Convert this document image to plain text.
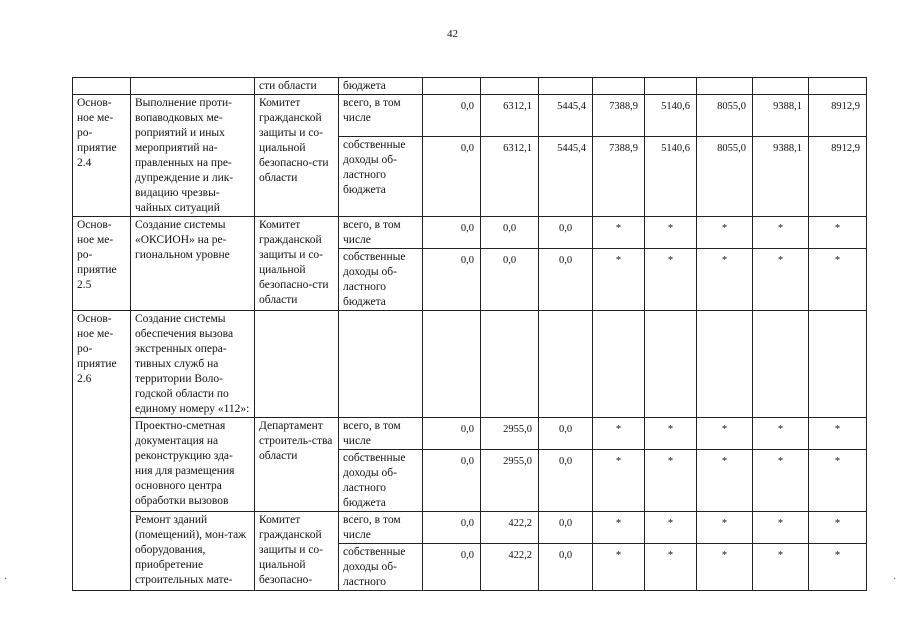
42
		сти области	бюджета								
Основ-ное ме-ро-приятие 2.4	Выполнение проти-вопаводковых ме-роприятий и иных мероприятий на-правленных на пре-дупреждение и лик-видацию чрезвы-чайных ситуаций	Комитет гражданской защиты и со-циальной безопасно-сти области	всего, в том числе	0,0	6312,1	5445,4	7388,9	5140,6	8055,0	9388,1	8912,9
			собственные доходы об-ластного бюджета	0,0	6312,1	5445,4	7388,9	5140,6	8055,0	9388,1	8912,9
Основ-ное ме-ро-приятие 2.5	Создание системы «ОКСИОН» на ре-гиональном уровне	Комитет гражданской защиты и со-циальной безопасно-сти области	всего, в том числе	0,0	0,0	0,0	*	*	*	*	*
			собственные доходы об-ластного бюджета	0,0	0,0	0,0	*	*	*	*	*
Основ-ное ме-ро-приятие 2.6	Создание системы обеспечения вызова экстренных опера-тивных служб на территории Воло-годской области по единому номеру «112»:										
	Проектно-сметная документация на реконструкцию зда-ния для размещения основного центра обработки вызовов	Департамент строитель-ства области	всего, в том числе	0,0	2955,0	0,0	*	*	*	*	*
			собственные доходы об-ластного бюджета	0,0	2955,0	0,0	*	*	*	*	*
	Ремонт зданий (помещений), мон-таж оборудования, приобретение строительных мате-	Комитет гражданской защиты и со-циальной безопасно-	всего, в том числе	0,0	422,2	0,0	*	*	*	*	*
			собственные доходы об-ластного	0,0	422,2	0,0	*	*	*	*	*
·	·
